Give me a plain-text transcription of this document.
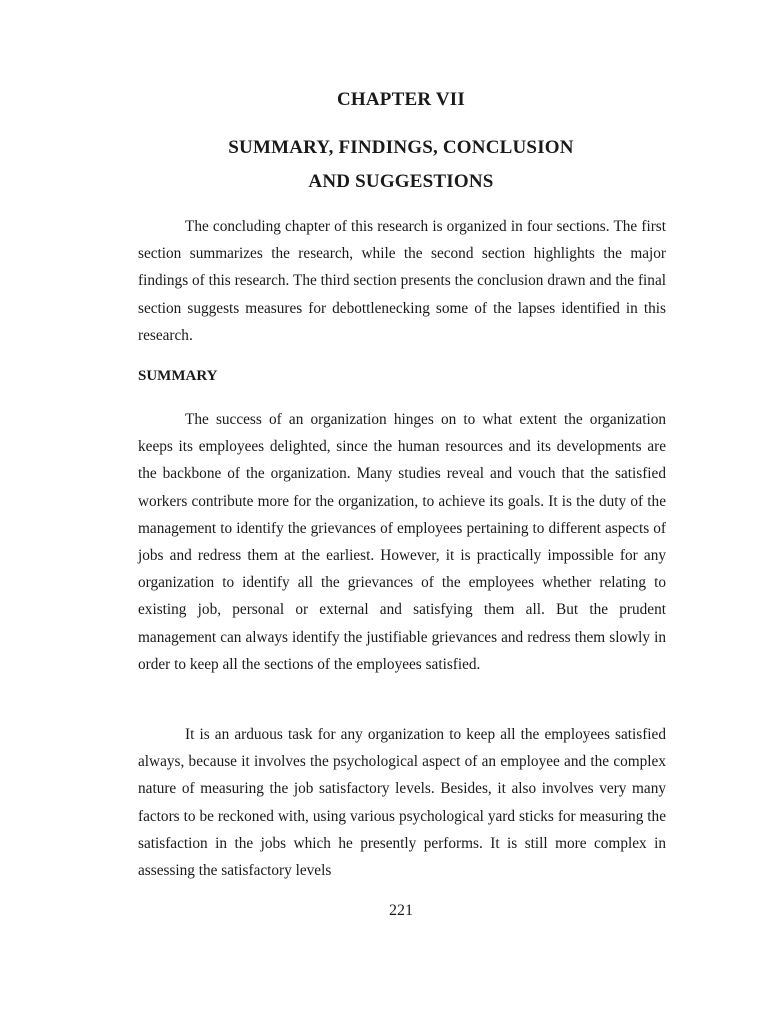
CHAPTER VII
SUMMARY, FINDINGS, CONCLUSION
AND SUGGESTIONS

The concluding chapter of this research is organized in four sections. The first section summarizes the research, while the second section highlights the major findings of this research. The third section presents the conclusion drawn and the final section suggests measures for debottlenecking some of the lapses identified in this research.

SUMMARY

The success of an organization hinges on to what extent the organization keeps its employees delighted, since the human resources and its developments are the backbone of the organization. Many studies reveal and vouch that the satisfied workers contribute more for the organization, to achieve its goals. It is the duty of the management to identify the grievances of employees pertaining to different aspects of jobs and redress them at the earliest. However, it is practically impossible for any organization to identify all the grievances of the employees whether relating to existing job, personal or external and satisfying them all. But the prudent management can always identify the justifiable grievances and redress them slowly in order to keep all the sections of the employees satisfied.

It is an arduous task for any organization to keep all the employees satisfied always, because it involves the psychological aspect of an employee and the complex nature of measuring the job satisfactory levels. Besides, it also involves very many factors to be reckoned with, using various psychological yard sticks for measuring the satisfaction in the jobs which he presently performs. It is still more complex in assessing the satisfactory levels

221
